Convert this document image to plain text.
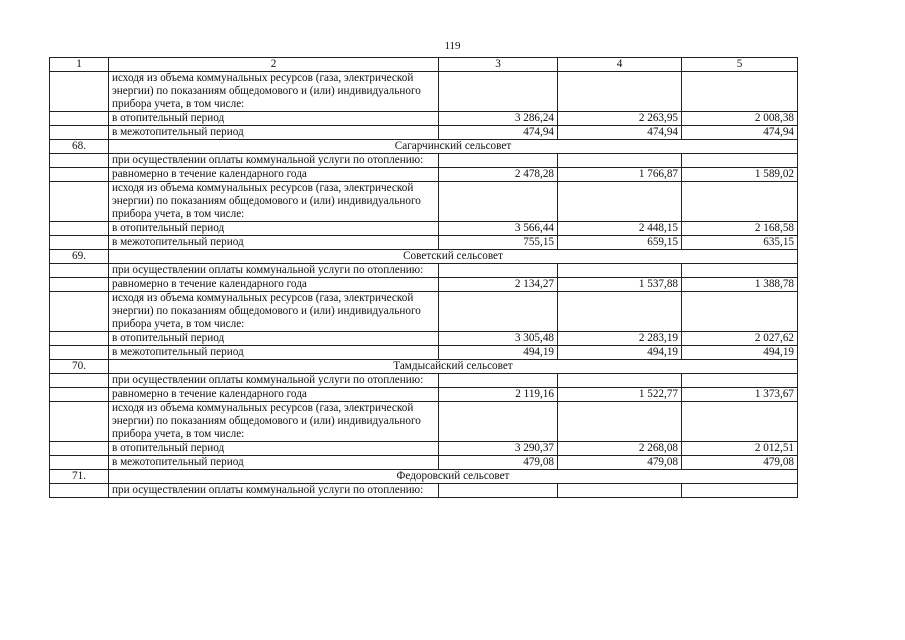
119
1	2	3	4	5
	исходя из объема коммунальных ресурсов (газа, электрической энергии) по показаниям общедомового и (или) индивидуального прибора учета, в том числе:			
	в отопительный период	3 286,24	2 263,95	2 008,38
	в межотопительный период	474,94	474,94	474,94
68.	Сагарчинский сельсовет			
	при осуществлении оплаты коммунальной услуги по отоплению:			
	равномерно в течение календарного года	2 478,28	1 766,87	1 589,02
	исходя из объема коммунальных ресурсов (газа, электрической энергии) по показаниям общедомового и (или) индивидуального прибора учета, в том числе:			
	в отопительный период	3 566,44	2 448,15	2 168,58
	в межотопительный период	755,15	659,15	635,15
69.	Советский сельсовет			
	при осуществлении оплаты коммунальной услуги по отоплению:			
	равномерно в течение календарного года	2 134,27	1 537,88	1 388,78
	исходя из объема коммунальных ресурсов (газа, электрической энергии) по показаниям общедомового и (или) индивидуального прибора учета, в том числе:			
	в отопительный период	3 305,48	2 283,19	2 027,62
	в межотопительный период	494,19	494,19	494,19
70.	Тамдысайский сельсовет			
	при осуществлении оплаты коммунальной услуги по отоплению:			
	равномерно в течение календарного года	2 119,16	1 522,77	1 373,67
	исходя из объема коммунальных ресурсов (газа, электрической энергии) по показаниям общедомового и (или) индивидуального прибора учета, в том числе:			
	в отопительный период	3 290,37	2 268,08	2 012,51
	в межотопительный период	479,08	479,08	479,08
71.	Федоровский сельсовет			
	при осуществлении оплаты коммунальной услуги по отоплению:			
